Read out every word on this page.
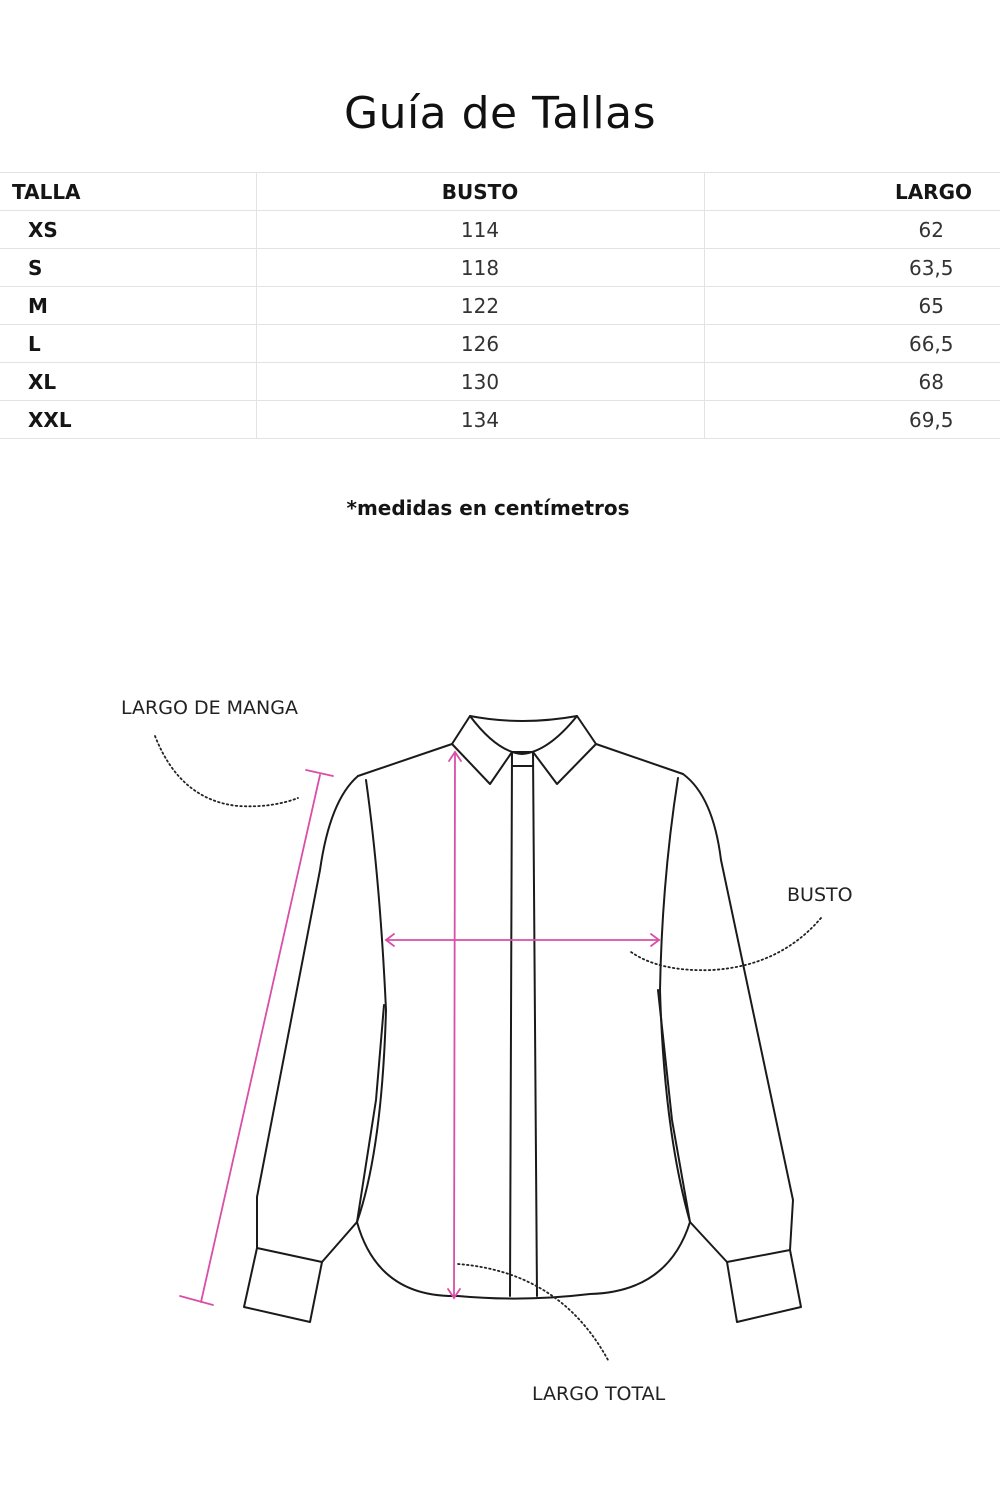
Guía de Tallas
TALLA	BUSTO	LARGO
XS	114	62
S	118	63,5
M	122	65
L	126	66,5
XL	130	68
XXL	134	69,5
*medidas en centímetros
LARGO DE MANGA
BUSTO
LARGO TOTAL
